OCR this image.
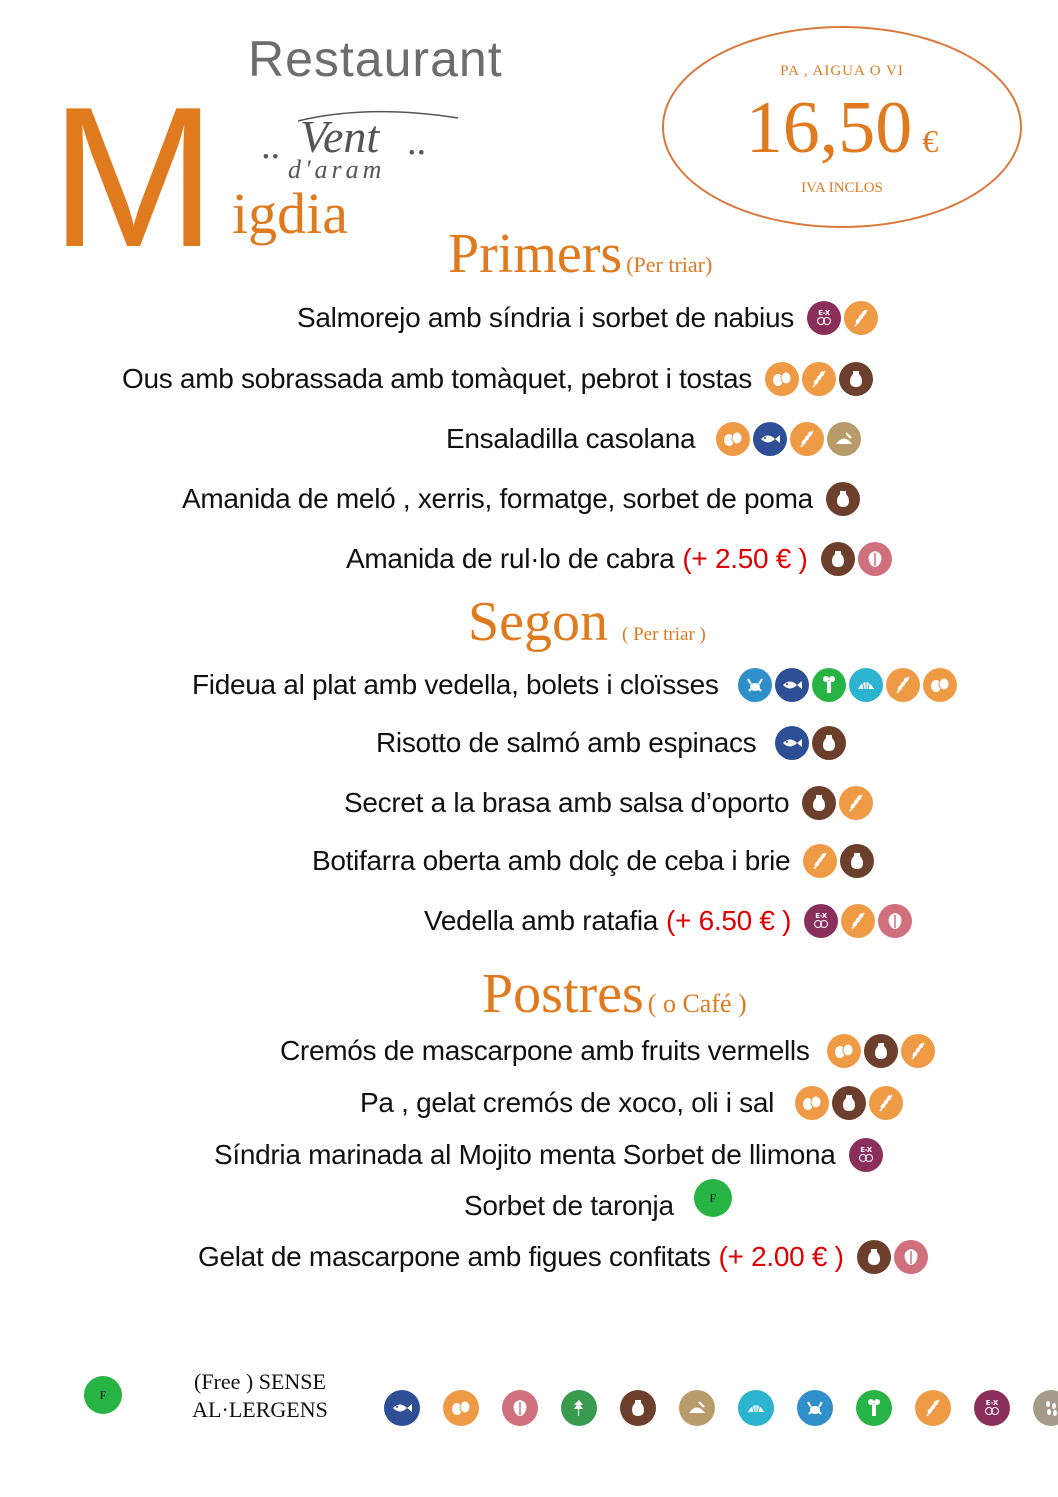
Restaurant
M .. Vent ..
d'aram
igdia
PA , AIGUA O VI
16,50 €
IVA INCLOS
Primers (Per triar)
Segon ( Per triar )
Postres ( o Café )
Salmorejo amb síndria i sorbet de nabius	E-X
Ous amb sobrassada amb tomàquet, pebrot i tostas
Ensaladilla casolana
Amanida de meló , xerris, formatge, sorbet de poma
Amanida de rul·lo de cabra (+ 2.50 € )
Fideua al plat amb vedella, bolets i cloïsses
Risotto de salmó amb espinacs
Secret a la brasa amb salsa d’oporto
Botifarra oberta amb dolç de ceba i brie
Vedella amb ratafia (+ 6.50 € )	E-X
Cremós de mascarpone amb fruits vermells
Pa , gelat cremós de xoco, oli i sal
Síndria marinada al Mojito menta Sorbet de llimona	E-X
Sorbet de taronja	F
Gelat de mascarpone amb figues confitats (+ 2.00 € )
F
(Free ) SENSE
AL·LERGENS	E-X
